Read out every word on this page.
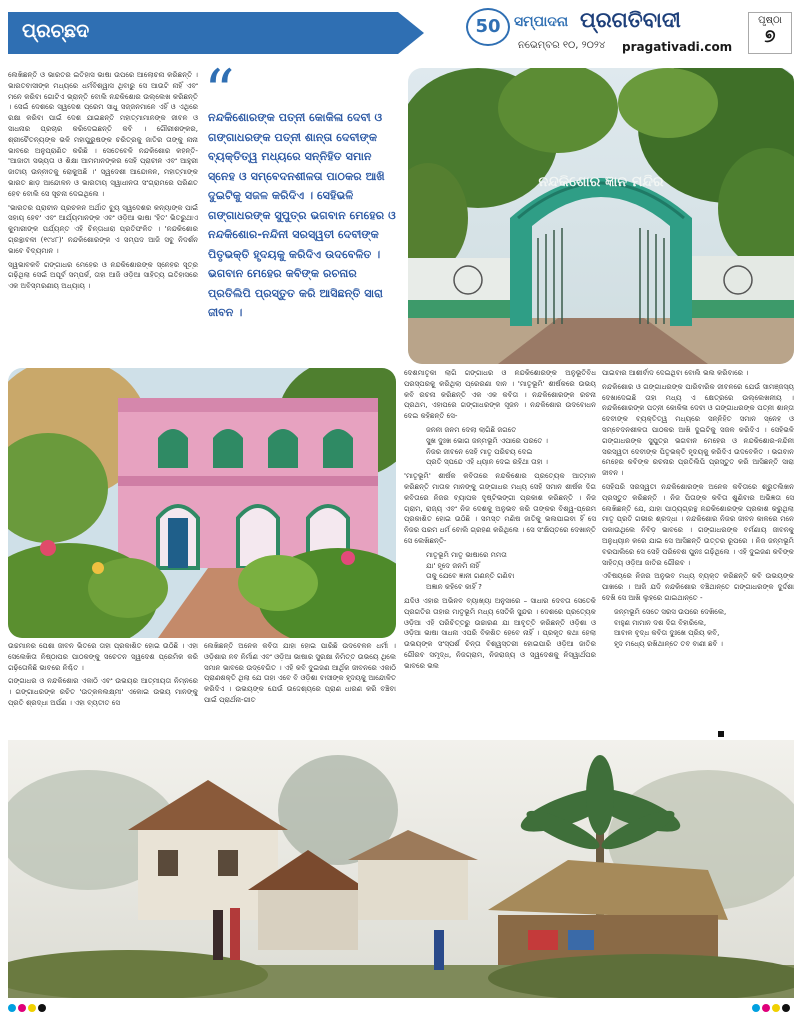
ପ୍ରଚ୍ଛଦ	50 ସମ୍ପାଦନା ପ୍ରଗତିବାଦୀ
ନଭେମ୍ବର ୧୦, ୨୦୨୪ pragativadi.com
ପୃଷ୍ଠା
୭

ଲେଖିଛନ୍ତି ଓ ଭାରତର ଇତିହାସ ଭାଷା ଉପରେ ଆଲୋଚନା କରିଛନ୍ତି । ଭାରତବାସୀଙ୍କ ମଧ୍ୟରେ ଧର୍ମବିଶ୍ୱାସ ଥିବାରୁ ସେ ଆଉଟି ନାହିଁ ଏବଂ ମନେ କରିବା ଗୋଟିଏ ଭ୍ରାନ୍ତି ବୋଲି ନନ୍ଦକିଶୋର ଉଲ୍ଲେଖ କରିଛନ୍ତି । ସେଇଁ ଦେଶରେ ସ୍ୱଦେଶ ପ୍ରେମ ସାଧୁ ସଜ୍ଜନମାନେ ଏହିଁ ଓ ଏଥିରେ ରକ୍ଷା କରିବା ପାଇଁ ଦେଶ ଯାଇଛନ୍ତି ମହାତ୍ମାମାନଙ୍କ ଜୀବନ ଓ ସାଧନାର ପ୍ରଚାର କରିଦେଇଛନ୍ତି କବି । ଗୌରୀଶଙ୍କର, ଶ୍ରୀଚୈତନ୍ୟଙ୍କ ଭଳି ମହାପୁରୁଷଙ୍କ ଚରିତ୍ରକୁ ଜାତିର ତାଙ୍କୁ ନାନା ଭାବରେ ଅନୁପ୍ରାଣିତ କରିଛି । ସେତେବେଳି ନନ୍ଦକିଶୋର କହନ୍ତି- 'ଆଜାତୀ ସଭ୍ୟତା ଓ ଶିକ୍ଷା ଆମମାନଙ୍କର ସେହି ପ୍ରାଚୀନ ଏବଂ ଆହୁରୀ ଜାତୀୟ ଉନ୍ନୀତକୁ ରୋକୁଅଛି ।' ସ୍ୱଦେଶୀ ଆନ୍ଦୋଳନ, ମହାତ୍ମାଙ୍କ ଭାରତ ଛାଡ଼ ଆନ୍ଦୋଳନ ଓ ଭାରତୀୟ ସ୍ୱାଧୀନତା ସଂଗ୍ରାମରେ ପରିଣତ ହେବ ବୋଲି ସେ ସୂଚନା ଦେଇଥିଲେ ।

'ଭାରତର ପ୍ରାଚୀନ ପ୍ରଚଳନ ଅର୍ଥାତ ବ୍ୟୁ ସ୍ୱଦେଶର କନ୍ୟାଙ୍କ ପାଇଁ ସହାୟ ହେବ' ଏବଂ ଆର୍ଯ୍ୟମାନଙ୍କ ଏବଂ ଓଡ଼ିଆ ଭାଷା 'ହିତ' ଭିତରୁଥାଏ କୁମାରୀଙ୍କ ପର୍ଯ୍ୟନ୍ତ ଏହି ଚିନ୍ତାଧାରା ପ୍ରତିଫଳିତ । 'ନନ୍ଦକିଶୋର ଗ୍ରନ୍ଥାବଳୀ (୧୯୪୮)' ନନ୍ଦକିଶୋରଙ୍କ ଏ ସମ୍ପଦ ଆଜି ସବୁ ନିଦର୍ଶନ ଭାବେ ବିଦ୍ୟମାନ ।

ସ୍ୱଭାବକବି ଗଙ୍ଗାଧର ମେହେର ଓ ନନ୍ଦକିଶୋରଙ୍କ ସ୍ନେହର ସୂତ୍ର ଗଢ଼ିଥିଲା ସେଇଁ ଅପୂର୍ବ ସମ୍ପର୍କ, ତାହା ଆଜି ଓଡ଼ିଆ ସାହିତ୍ୟ ଇତିହାସରେ ଏକ ଅବିସ୍ମରଣୀୟ ଅଧ୍ୟାୟ ।

“
ନନ୍ଦକିଶୋରଙ୍କ ପତ୍ନୀ କୋକିଳା ଦେବୀ ଓ ଗଙ୍ଗାଧରଙ୍କ ପତ୍ନୀ ଶାନ୍ତା ଦେବୀଙ୍କ ବ୍ୟକ୍ତିତ୍ୱ ମଧ୍ୟରେ ସନ୍ନିହିତ ସମାନ ସ୍ନେହ ଓ ସମ୍ବେଦନଶୀଳତା ପାଠକର ଆଖି ଦୁଇଟିକୁ ସଜଳ କରିଦିଏ । ସେହିଭଳି ଗଙ୍ଗାଧରଙ୍କ ସୁପୁତ୍ର ଭଗବାନ ମେହେର ଓ ନନ୍ଦକିଶୋର-ନନ୍ଦିନୀ ସରସ୍ୱତୀ ଦେବୀଙ୍କ ପିତୃଭକ୍ତି ହୃଦୟକୁ କରିଦିଏ ଉଦବେଳିତ । ଭଗବାନ ମେହେର କବିଙ୍କ ରଚନାର ପ୍ରତିଲିପି ପ୍ରସ୍ତୁତ କରି ଆସିଛନ୍ତି ସାରା ଜୀବନ ।
ନନ୍ଦକିଶୋର ଜ୍ଞାନ ମନ୍ଦିର

ଉଚ୍ଚମାନର ପେଶା ଜୀବନ ଭିତରେ ତାହା ପ୍ରକାଶିତ ହୋଇ ଉଠିଛି । ଏହା ସେଲେଖିତା ନିଷ୍ଠାପର ପାଠକଙ୍କୁ ସଚେତନ ସ୍ୱଦେଶ ପ୍ରେମିକ କରି ଗଢ଼ିତୋଳିଛି ଭାବରେ ନିଶ୍ଚିତ ।

ଗଙ୍ଗାଧର ଓ ନନ୍ଦକିଶୋର ଏକାଠି ଏବଂ ଉଭୟର ଆତ୍ମୀୟତା ନିମ୍ନରେ । ଗଙ୍ଗାଧରଙ୍କ ରଚିତ 'ଉତ୍କଳଲକ୍ଷ୍ମୀ' ଏକୋଇ ଉଭୟ ମାନଙ୍କୁ ପ୍ରତି ଶ୍ରଦ୍ଧା ଅର୍ପଣ । ଏହା ବ୍ୟତୀତ ସେ

ଲେଖିଛନ୍ତି ଅନେକ କବିତା ଯାହା ହୋଇ ପାରିଛି ଉଦବେଳନ ଧର୍ମୀ । ଓଡ଼ିଶାର ନବ ନିର୍ମାଣ ଏବଂ ଓଡ଼ିଆ ଭାଷାର ସୁରକ୍ଷା ନିମିତ୍ତ ଉଭୟେ ଥିଲେ ସମାନ ଭାବରେ ଉଦ୍ବେଗିତ । ଏହି କବି ଦୁଇଜଣ ଆର୍ଥିକ ଜୀବନରେ ଏକାଠି ପ୍ରାଣଶକ୍ତି ଥିଲା ଯେ ତାହା ଏବେ ବି ଓଡ଼ିଶା ବାସୀଙ୍କ ହୃଦୟକୁ ଆନ୍ଦୋଳିତ କରିଦିଏ । ଉଭୟଙ୍କ ଯେଉଁ ଉଦ୍ଦେଶ୍ୟରେ ପ୍ରାଣ ଧାରଣ କରି ବଞ୍ଚିବା ପାଇଁ ପ୍ରାର୍ଥନା-ଗୀତ

ଦେଶମାତୃକା ଲାଗି ଗଙ୍ଗାଧର ଓ ନନ୍ଦକିଶୋରଙ୍କ ଅନୁଭୂତିବିଧ ପରସ୍ପରକୁ କରିଥିଲା ପ୍ରେରଣା ଦାନ । 'ମାତୃଭୂମି' ଶୀର୍ଷକରେ ଉଭୟ କବି ରଚନା କରିଛନ୍ତି ଏକ ଏକ କବିତା । ନନ୍ଦକିଶୋରଙ୍କ ରଚନା ପ୍ରଥମ, ଏହାପରେ ଗଙ୍ଗାଧରଙ୍କ ସୃଜନ । ନନ୍ଦକିଶୋର ଉଦବୋଧନ ଦେଇ କହିଛନ୍ତି ସେ-

ଜନନୀ ଜନମ ଦେଲା ଲାଗିଛି ଜଗତେ
ସୁଖ ଦୁଃଖ ଭୋଗ ଜନ୍ମଭୂମି ଏପାରେ ପରତେ ।
ନିଜର ଜୀବନେ ସେହି ମାତୃ ପରିଚୟ ଦେଇ
ପ୍ରତି ସ୍ପନ୍ଦେ ଏହି ଧ୍ୟାନ ଦେଇ ରହିଥା ତାହା ।

'ମାତୃଭୂମି' ଶୀର୍ଷକ କବିତାରେ ନନ୍ଦକିଶୋର ପ୍ରତ୍ୟେକ ଆତ୍ମାନ କରିଛନ୍ତି ମାତାକ ମାନଙ୍କୁ ଗଙ୍ଗାଧର ମଧ୍ୟ ସେହି ସମାନ ଶୀର୍ଷକ ଦିଗ କବିତାରେ ନିଜର ବ୍ୟାପକ ଦୃଷ୍ଟିଭଙ୍ଗୀ ପ୍ରକାଶ କରିଛନ୍ତି । ନିଜ ଗ୍ରାମ, ରାଜ୍ୟ ଏବଂ ନିଜ ଦେଶକୁ ଅନୁଭବ କରି ତାଙ୍କର ବିଶ୍ୱ-ପ୍ରେମ ପ୍ରକାଶିତ ହୋଇ ଉଠିଛି । ସମସ୍ତ ମଣିଷ ଜାତିକୁ ଭଲପାଇବା ହିଁ ସେ ନିଜର ପରମ ଧର୍ମ ବୋଲି ଗ୍ରହଣ କରିଥିଲେ । ସେ ସଂକ୍ଷିପ୍ତରେ ଦେଖାନ୍ତି ସେ ଲେଖିଛନ୍ତି-

ମାତୃଭୂମି ମାତୃ ଭାଷାରେ ମମତା
ଯା' ହୃଦେ ଜନମି ନାହିଁ
ତାକୁ ଯେବେ ଜ୍ଞାନୀ ଗଣନ୍ତି ଗଣିବା
ଅଜ୍ଞାନ କହିବେ କାହିଁ ?

ଯଦିଓ ଏହାର ଅଭିନବ ବ୍ୟାଖ୍ୟା ଅନୁସାରେ – ସାଧାର ଦେବତା ସେତେକି ପ୍ରଗତିର ତାହାର ମାତୃଭୂମି ମଧ୍ୟ ସେତିକି ସୁନ୍ଦର । ଦେଶରେ ପ୍ରତ୍ୟେକ ଓଡ଼ିଆ ଏହି ପରିଚିତ୍ତରୁ ଉଚ୍ଚାରଣ ଯା ଆବୃତ୍ତି କରିଛନ୍ତି ଓଡ଼ିଶା ଓ ଓଡ଼ିଆ ଭାଷା ସାଧନା ଏପରି ବିକଶିତ ହେବେ ନାହିଁ । ପ୍ରକୃତ କଥା ହେଲା ଉଭୟଙ୍କ ସଂସ୍ପର୍ଶ ଚିନ୍ତା ବିଶ୍ୱସ୍ତରୀ ହୋଇପାରି ଓଡ଼ିଆ ଜାତିର ଗୌରବ ସମୃଦ୍ଧ, ନିଜଗ୍ରାମ, ନିଜରାଜ୍ୟ ଓ ସ୍ୱଦେଶକୁ ନିସ୍ୱାର୍ଥପର ଭାବରେ ଭଲ

ପାଇବାର ଆଶୀର୍ବାଦ ଦେଇଥିବା ବୋଲି ଭଲ କରିବାରେ ।

ନନ୍ଦକିଶୋର ଓ ଗଙ୍ଗାଧରଙ୍କ ପାରିବାରିକ ଜୀବନରେ ଯେଉଁ ସାମଞ୍ଜସ୍ୟ ଦେଖାଦେଇଛି ତାହା ମଧ୍ୟ ଏ କ୍ଷେତ୍ରରେ ଉଲ୍ଲେଖନୀୟ । ନନ୍ଦକିଶୋରଙ୍କ ପତ୍ନୀ କୋକିଳା ଦେବୀ ଓ ଗଙ୍ଗାଧରଙ୍କ ପତ୍ନୀ ଶାନ୍ତା ଦେବୀଙ୍କ ବ୍ୟକ୍ତିତ୍ୱ ମଧ୍ୟରେ ସନ୍ନିହିତ ସମାନ ସ୍ନେହ ଓ ସମ୍ବେଦନଶୀଳତା ପାଠକର ଆଖି ଦୁଇଟିକୁ ସଜଳ କରିଦିଏ । ସେହିଭଳି ଗଙ୍ଗାଧରଙ୍କ ସୁପୁତ୍ର ଭଗବାନ ମେହେର ଓ ନନ୍ଦକିଶୋର-ନନ୍ଦିନୀ ସରସ୍ୱତୀ ଦେବୀଙ୍କ ପିତୃଭକ୍ତି ହୃଦୟକୁ କରିଦିଏ ଉଦବେଳିତ । ଭଗବାନ ମେହେର କବିଙ୍କ ରଚନାର ପ୍ରତିଲିପି ପ୍ରସ୍ତୁତ କରି ଆସିଛନ୍ତି ସାରା ଜୀବନ ।

ସେହିପରି ସରସ୍ୱତୀ ନନ୍ଦକିଶୋରଙ୍କ ଅନେକ କବିତାରେ ଶ୍ରୁତଲିଖନ ପ୍ରସ୍ତୁତ କରିଛନ୍ତି । ନିଜ ପିତାଙ୍କ କବିତା ଶୁଣିବାର ଅଭିଜ୍ଞତା ସେ ଲେଖିଛନ୍ତି ଯେ, ଯାହା ପାଠ୍ୟଗ୍ରନ୍ଥ ନନ୍ଦକିଶୋରଙ୍କ ପ୍ରକାଶ କରୁଥିଲା ମାତୃ ପ୍ରତି ଗଭୀର ଶ୍ରଦ୍ଧା । ନନ୍ଦକିଶୋର ନିଜର ଜୀବନ କାଳରେ ମନେ ପକାଉଥିଲେ ନିବିଡ଼ ଭାବରେ । ଗଙ୍ଗାଧରଙ୍କ ବର୍ମଣାୟ ଜୀବନକୁ ଅନୁଧ୍ୟାନ କରେ ଯାଇ ସେ ଆସିଛନ୍ତି ଉତ୍ତର ରୂପରେ । ନିଜ ଜନ୍ମଭୂମି ବରପାଲିରେ ସେ ସେହି ପରିବେଶ ପୁନଃ ଗଢ଼ିଥିଲେ । ଏହି ଦୁଇଜଣ କବିଙ୍କ ସାହିତ୍ୟ ଓଡ଼ିଆ ଜାତିର ଗୌରବ ।

ଏବିଷୟରେ ନିଜର ଅନୁଭବ ମଧ୍ୟ ବ୍ୟକ୍ତ କରିଛନ୍ତି କବି ଉଭୟଙ୍କ ପାଖରେ । ଆଜି ଯଦି ନନ୍ଦକିଶୋର ବଞ୍ଚିଥାନ୍ତେ ଗଙ୍ଗାଧରଙ୍କ ଦୁର୍ଦ୍ଦଶା ଦେଖି ସେ ଆଖି ଲୁହରେ ଗାଇଥାନ୍ତେ -

ଜନ୍ମଭୂମି ସେତେ ସରସ ଉପରେ ଦେଖିଲେ,
ବାହୁଣ ମାମାନ ଦଶ ଦିଗ ବିହାରିଲେ,
ଆବାଳ ବୃଦ୍ଧ କବିତା ଦୁଃଖେ ପ୍ରିୟ କବି,
ହୃଦ ମଧ୍ୟେ ରଖିଥାନ୍ତେ ତବ ବାଣୀ ଛବି ।
